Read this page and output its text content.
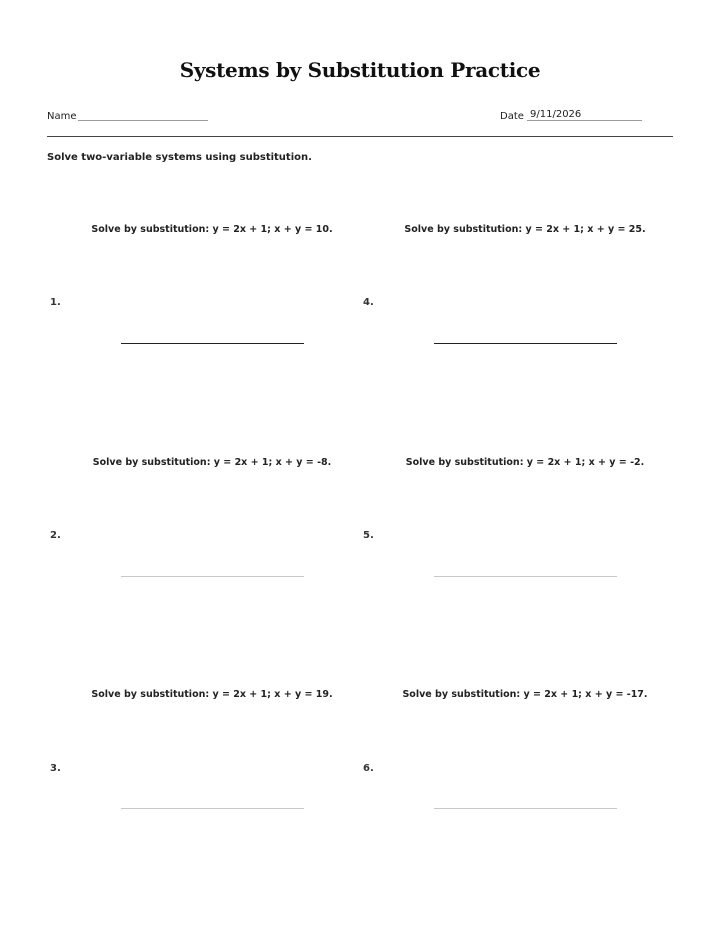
Systems by Substitution Practice
Name	Date 9/11/2026
Solve two-variable systems using substitution.
Solve by substitution: y = 2x + 1; x + y = 10.
1.
Solve by substitution: y = 2x + 1; x + y = -8.
2.
Solve by substitution: y = 2x + 1; x + y = 19.
3.
Solve by substitution: y = 2x + 1; x + y = 25.
4.
Solve by substitution: y = 2x + 1; x + y = -2.
5.
Solve by substitution: y = 2x + 1; x + y = -17.
6.
